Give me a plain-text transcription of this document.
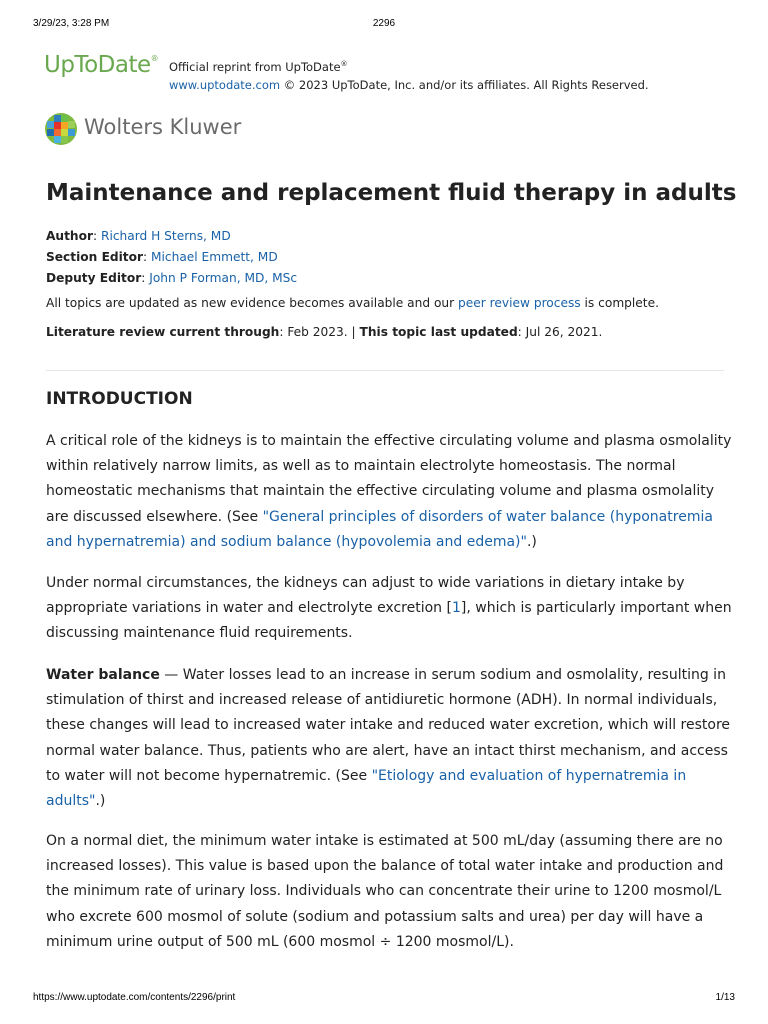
3/29/23, 3:28 PM	2296
UpToDate®
Official reprint from UpToDate®
www.uptodate.com © 2023 UpToDate, Inc. and/or its affiliates. All Rights Reserved.
Wolters Kluwer
Maintenance and replacement fluid therapy in adults
Author: Richard H Sterns, MD
Section Editor: Michael Emmett, MD
Deputy Editor: John P Forman, MD, MSc
All topics are updated as new evidence becomes available and our peer review process is complete.
Literature review current through: Feb 2023. | This topic last updated: Jul 26, 2021.
INTRODUCTION

A critical role of the kidneys is to maintain the effective circulating volume and plasma osmolality within relatively narrow limits, as well as to maintain electrolyte homeostasis. The normal homeostatic mechanisms that maintain the effective circulating volume and plasma osmolality are discussed elsewhere. (See "General principles of disorders of water balance (hyponatremia and hypernatremia) and sodium balance (hypovolemia and edema)".)

Under normal circumstances, the kidneys can adjust to wide variations in dietary intake by appropriate variations in water and electrolyte excretion [1], which is particularly important when discussing maintenance fluid requirements.

Water balance — Water losses lead to an increase in serum sodium and osmolality, resulting in stimulation of thirst and increased release of antidiuretic hormone (ADH). In normal individuals, these changes will lead to increased water intake and reduced water excretion, which will restore normal water balance. Thus, patients who are alert, have an intact thirst mechanism, and access to water will not become hypernatremic. (See "Etiology and evaluation of hypernatremia in adults".)

On a normal diet, the minimum water intake is estimated at 500 mL/day (assuming there are no increased losses). This value is based upon the balance of total water intake and production and the minimum rate of urinary loss. Individuals who can concentrate their urine to 1200 mosmol/L who excrete 600 mosmol of solute (sodium and potassium salts and urea) per day will have a minimum urine output of 500 mL (600 mosmol ÷ 1200 mosmol/L).

https://www.uptodate.com/contents/2296/print	1/13
